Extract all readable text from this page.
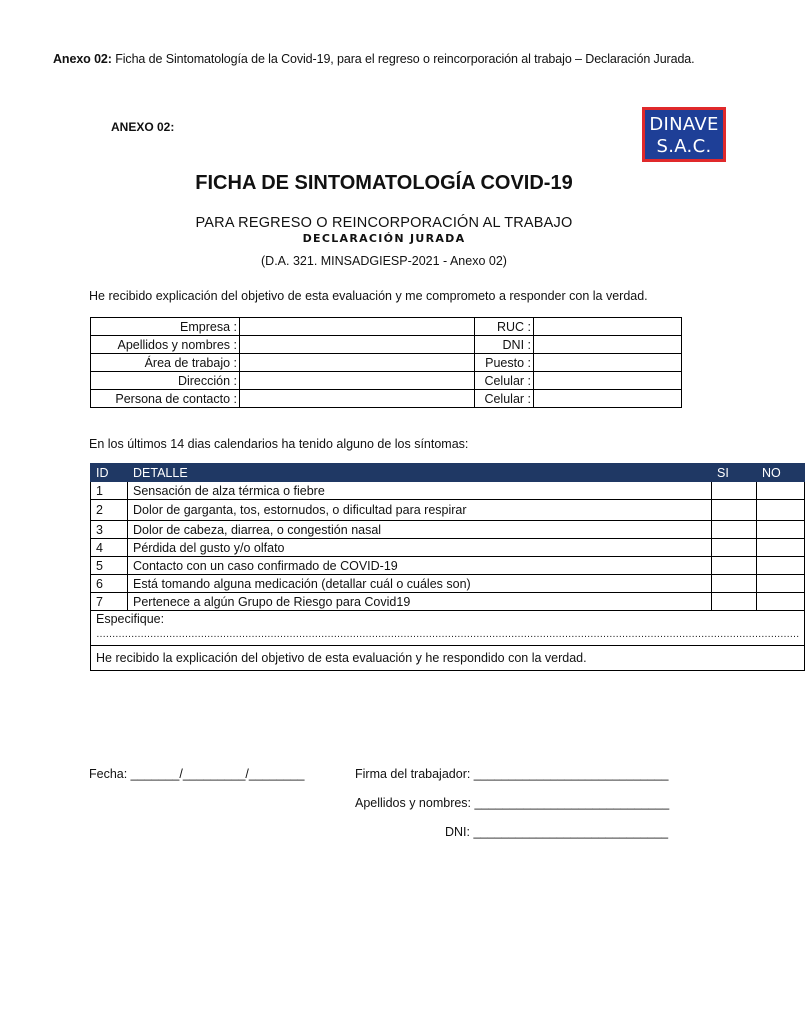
Anexo 02: Ficha de Sintomatología de la Covid-19, para el regreso o reincorporación al trabajo – Declaración Jurada.
ANEXO 02:	DINAVE
S.A.C.
FICHA DE SINTOMATOLOGÍA COVID-19
PARA REGRESO O REINCORPORACIÓN AL TRABAJO
DECLARACIÓN JURADA
(D.A. 321. MINSADGIESP-2021 - Anexo 02)
He recibido explicación del objetivo de esta evaluación y me comprometo a responder con la verdad.
Empresa :		RUC :	
Apellidos y nombres :		DNI :	
Área de trabajo :		Puesto :	
Dirección :		Celular :	
Persona de contacto :		Celular :	
En los últimos 14 dias calendarios ha tenido alguno de los síntomas:
ID	DETALLE	SI	NO
1	Sensación de alza térmica o fiebre		
2	Dolor de garganta, tos, estornudos, o dificultad para respirar		
3	Dolor de cabeza, diarrea, o congestión nasal		
4	Pérdida del gusto y/o olfato		
5	Contacto con un caso confirmado de COVID-19		
6	Está tomando alguna medicación (detallar cuál o cuáles son)		
7	Pertenece a algún Grupo de Riesgo para Covid19		
Especifique:
……………………………………………………………………………………………………………………………………………………………………………………………………			

He recibido la explicación del objetivo de esta evaluación y he respondido con la verdad.			
Fecha: _______/_________/________	Firma del trabajador: ____________________________
Apellidos y nombres: ____________________________
DNI: ____________________________
